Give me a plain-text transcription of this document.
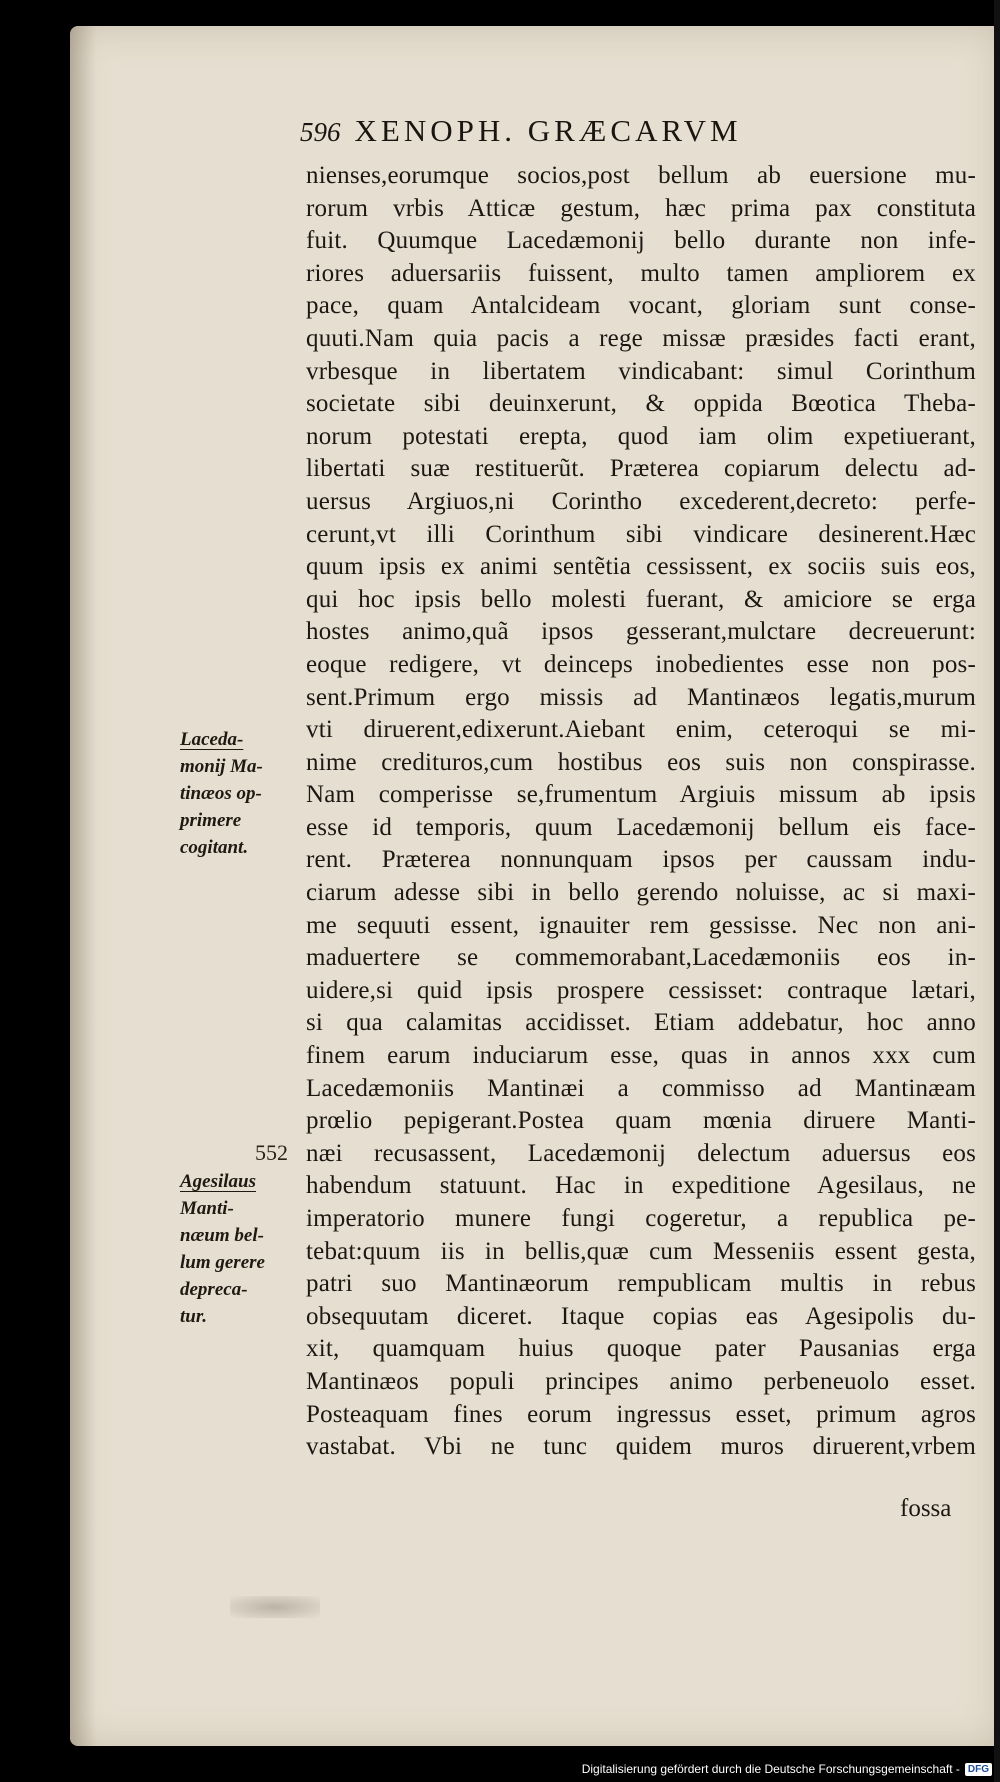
596 XENOPH. GRÆCARVM
nienses,eorumque socios,post bellum ab euersione mu-
rorum vrbis Atticæ gestum, hæc prima pax constituta
fuit. Quumque Lacedæmonij bello durante non infe-
riores aduersariis fuissent, multo tamen ampliorem ex
pace, quam Antalcideam vocant, gloriam sunt conse-
quuti.Nam quia pacis a rege missæ præsides facti erant,
vrbesque in libertatem vindicabant: simul Corinthum
societate sibi deuinxerunt, & oppida Bœotica Theba-
norum potestati erepta, quod iam olim expetiuerant,
libertati suæ restituerũt. Præterea copiarum delectu ad-
uersus Argiuos,ni Corintho excederent,decreto: perfe-
cerunt,vt illi Corinthum sibi vindicare desinerent.Hæc
quum ipsis ex animi sentẽtia cessissent, ex sociis suis eos,
qui hoc ipsis bello molesti fuerant, & amiciore se erga
hostes animo,quã ipsos gesserant,mulctare decreuerunt:
eoque redigere, vt deinceps inobedientes esse non pos-
sent.Primum ergo missis ad Mantinæos legatis,murum
vti diruerent,edixerunt.Aiebant enim, ceteroqui se mi-
nime credituros,cum hostibus eos suis non conspirasse.
Nam comperisse se,frumentum Argiuis missum ab ipsis
esse id temporis, quum Lacedæmonij bellum eis face-
rent. Præterea nonnunquam ipsos per caussam indu-
ciarum adesse sibi in bello gerendo noluisse, ac si maxi-
me sequuti essent, ignauiter rem gessisse. Nec non ani-
maduertere se commemorabant,Lacedæmoniis eos in-
uidere,si quid ipsis prospere cessisset: contraque lætari,
si qua calamitas accidisset. Etiam addebatur, hoc anno
finem earum induciarum esse, quas in annos xxx cum
Lacedæmoniis Mantinæi a commisso ad Mantinæam
prœlio pepigerant.Postea quam mœnia diruere Manti-
næi recusassent, Lacedæmonij delectum aduersus eos
habendum statuunt. Hac in expeditione Agesilaus, ne
imperatorio munere fungi cogeretur, a republica pe-
tebat:quum iis in bellis,quæ cum Messeniis essent gesta,
patri suo Mantinæorum rempublicam multis in rebus
obsequutam diceret. Itaque copias eas Agesipolis du-
xit, quamquam huius quoque pater Pausanias erga
Mantinæos populi principes animo perbeneuolo esset.
Posteaquam fines eorum ingressus esset, primum agros
vastabat. Vbi ne tunc quidem muros diruerent,vrbem
fossa
552
Laceda-
monij Ma-
tinæos op-
primere
cogitant.
Agesilaus
Manti-
næum bel-
lum gerere
depreca-
tur.
Digitalisierung gefördert durch die Deutsche Forschungsgemeinschaft - DFG
